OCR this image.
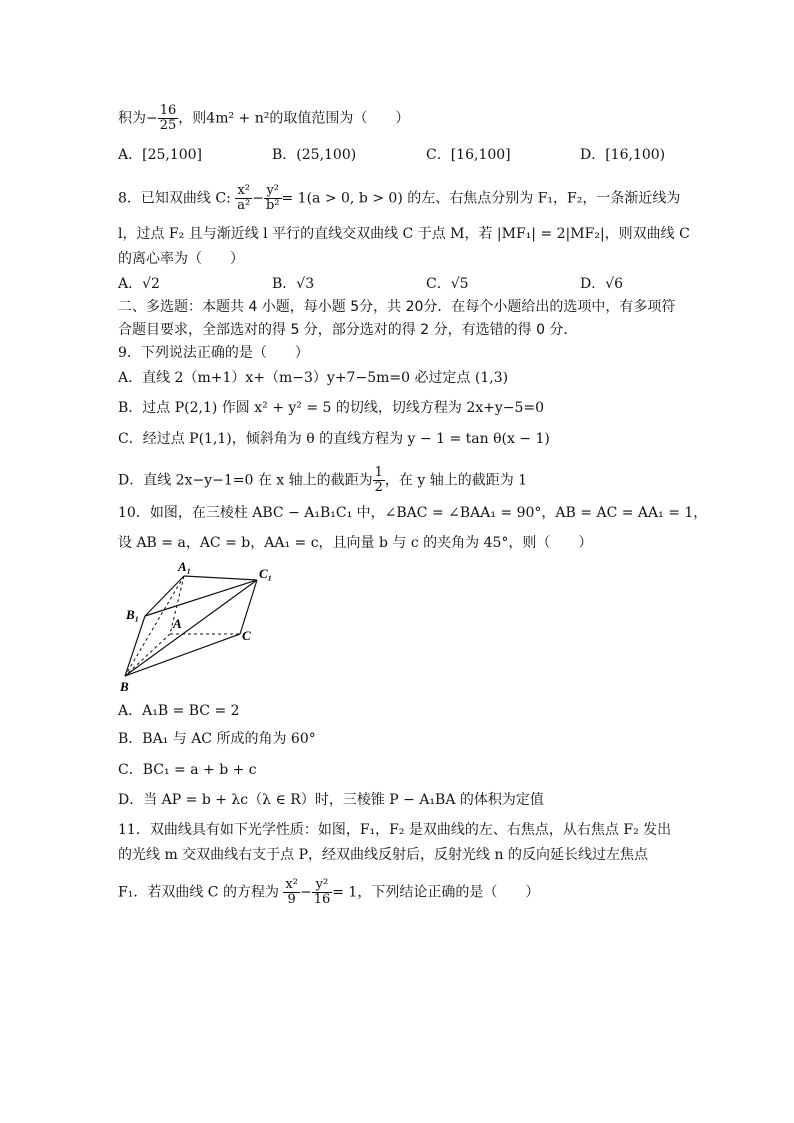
积为− $\frac{16}{25}$ ，则4m² + n²的取值范围为（　　）
A．[25,100]	B．(25,100)	C．[16,100]	D．[16,100)
8．已知双曲线 C: $\frac{\text{x²}}{\text{a²}} - \frac{\text{y²}}{\text{b²}} = 1(a > 0$, b > 0) 的左、右焦点分别为 F₁，F₂，一条渐近线为
l，过点 F₂ 且与渐近线 l 平行的直线交双曲线 C 于点 M，若 |MF₁| = 2|MF₂|，则双曲线 C
的离心率为（　　）
A．√2	B．√3	C．√5	D．√6
二、多选题：本题共 4 小题，每小题 5分，共 20分．在每个小题给出的选项中，有多项符
合题目要求，全部选对的得 5 分，部分选对的得 2 分，有选错的得 0 分．
9．下列说法正确的是（　　）
A．直线 2（m+1）x+（m−3）y+7−5m=0 必过定点 (1,3)
B．过点 P(2,1) 作圆 x² + y² = 5 的切线，切线方程为 2x+y−5=0
C．经过点 P(1,1)，倾斜角为 θ 的直线方程为 y − 1 = tan θ(x − 1)
D．直线 2x−y−1=0 在 x 轴上的截距为 $\frac{1}{2}$ ，在 y 轴上的截距为 1
10．如图，在三棱柱 ABC − A₁B₁C₁ 中，∠BAC = ∠BAA₁ = 90°，AB = AC = AA₁ = 1，
设 AB = a，AC = b，AA₁ = c，且向量 b 与 c 的夹角为 45°，则（　　）
A₁	C₁
B₁
A
C
B
A．A₁B = BC = 2
B．BA₁ 与 AC 所成的角为 60°
C．BC₁ = a + b + c
D．当 AP = b + λc（λ ∈ R）时，三棱锥 P − A₁BA 的体积为定值
11．双曲线具有如下光学性质：如图，F₁，F₂ 是双曲线的左、右焦点，从右焦点 F₂ 发出
的光线 m 交双曲线右支于点 P，经双曲线反射后，反射光线 n 的反向延长线过左焦点
F₁．若双曲线 C 的方程为 $\frac{\text{x²}}{9} - \frac{\text{y²}}{16} = 1$，下列结论正确的是（　　）
